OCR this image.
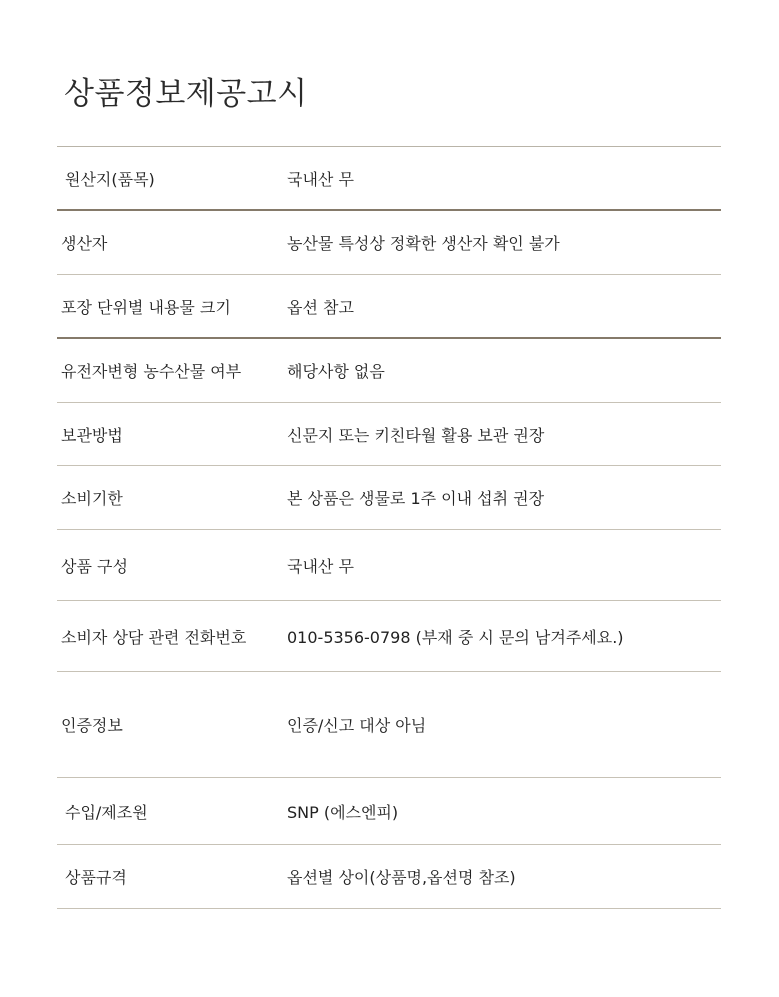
상품정보제공고시
원산지(품목)	국내산 무
생산자	농산물 특성상 정확한 생산자 확인 불가
포장 단위별 내용물 크기	옵션 참고
유전자변형 농수산물 여부	해당사항 없음
보관방법	신문지 또는 키친타월 활용 보관 권장
소비기한	본 상품은 생물로 1주 이내 섭취 권장
상품 구성	국내산 무
소비자 상담 관련 전화번호	010-5356-0798 (부재 중 시 문의 남겨주세요.)
인증정보	인증/신고 대상 아님
수입/제조원	SNP (에스엔피)
상품규격	옵션별 상이(상품명,옵션명 참조)
